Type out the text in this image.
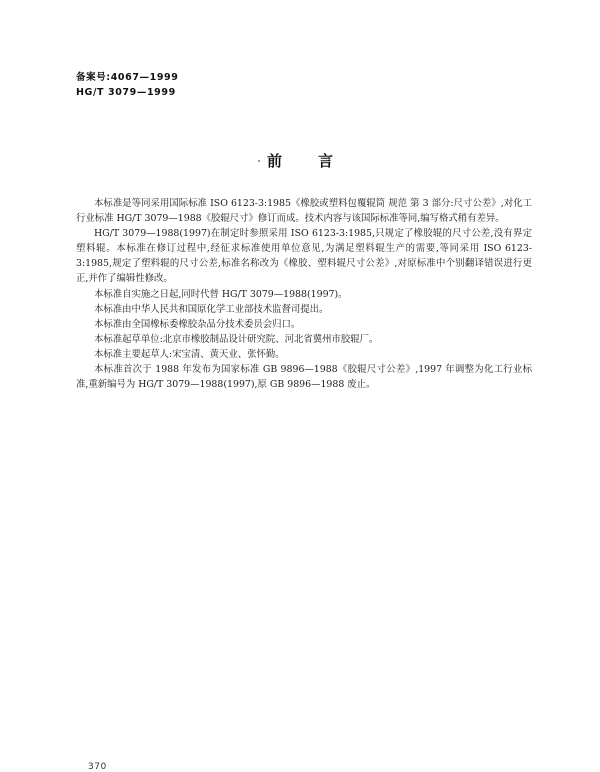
备案号:4067—1999
HG/T 3079—1999
前言

本标准是等同采用国际标准 ISO 6123-3:1985《橡胶或塑料包覆辊筒 规范 第 3 部分:尺寸公差》,对化工行业标准 HG/T 3079—1988《胶辊尺寸》修订而成。技术内容与该国际标准等同,编写格式稍有差异。

HG/T 3079—1988(1997)在制定时参照采用 ISO 6123-3:1985,只规定了橡胶辊的尺寸公差,没有界定塑料辊。本标准在修订过程中,经征求标准使用单位意见,为满足塑料辊生产的需要,等同采用 ISO 6123-3:1985,规定了塑料辊的尺寸公差,标准名称改为《橡胶、塑料辊尺寸公差》,对原标准中个别翻译错误进行更正,并作了编辑性修改。

本标准自实施之日起,同时代替 HG/T 3079—1988(1997)。

本标准由中华人民共和国原化学工业部技术监督司提出。

本标准由全国橡标委橡胶杂品分技术委员会归口。

本标准起草单位:北京市橡胶制品设计研究院、河北省冀州市胶辊厂。

本标准主要起草人:宋宝清、黄天业、张怀勤。

本标准首次于 1988 年发布为国家标准 GB 9896—1988《胶辊尺寸公差》,1997 年调整为化工行业标准,重新编号为 HG/T 3079—1988(1997),原 GB 9896—1988 废止。

370
